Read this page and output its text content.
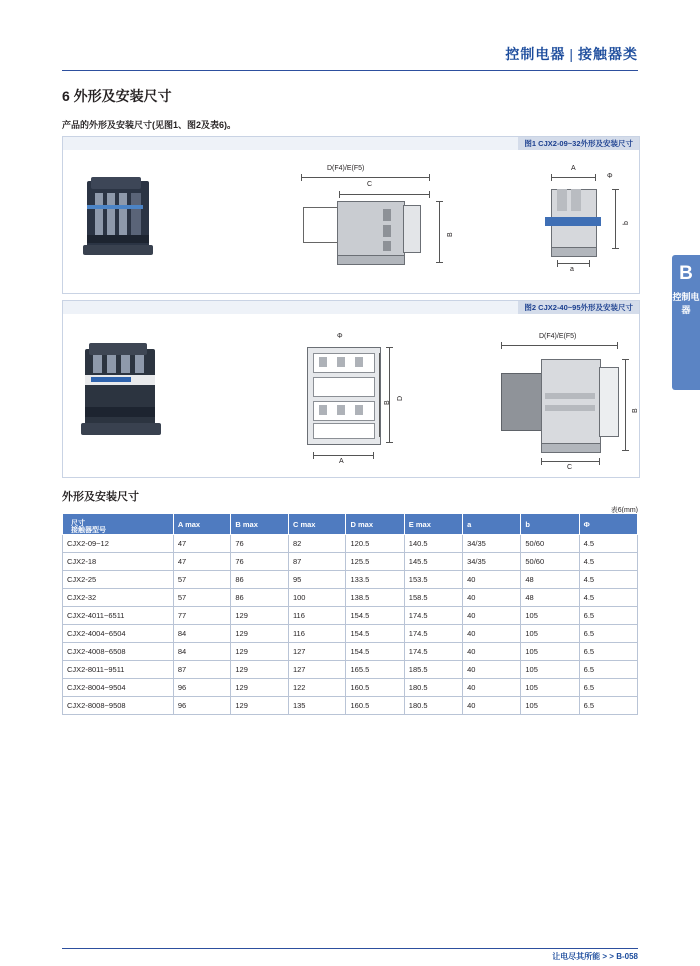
控制电器 | 接触器类
B
控制电器
6 外形及安装尺寸
产品的外形及安装尺寸(见图1、图2及表6)。
图1 CJX2-09~32外形及安装尺寸
D(F4)/E(F5)
C
B
A
Φ
b
a
图2 CJX2-40~95外形及安装尺寸
Φ
D
B
A
D(F4)/E(F5)
B
C
外形及安装尺寸
表6(mm)
尺寸
接触器型号	A max	B max	C max	D max	E max	a	b	Φ
CJX2-09~12	47	76	82	120.5	140.5	34/35	50/60	4.5
CJX2-18	47	76	87	125.5	145.5	34/35	50/60	4.5
CJX2-25	57	86	95	133.5	153.5	40	48	4.5
CJX2-32	57	86	100	138.5	158.5	40	48	4.5
CJX2-4011~6511	77	129	116	154.5	174.5	40	105	6.5
CJX2-4004~6504	84	129	116	154.5	174.5	40	105	6.5
CJX2-4008~6508	84	129	127	154.5	174.5	40	105	6.5
CJX2-8011~9511	87	129	127	165.5	185.5	40	105	6.5
CJX2-8004~9504	96	129	122	160.5	180.5	40	105	6.5
CJX2-8008~9508	96	129	135	160.5	180.5	40	105	6.5
让电尽其所能 > > B-058
